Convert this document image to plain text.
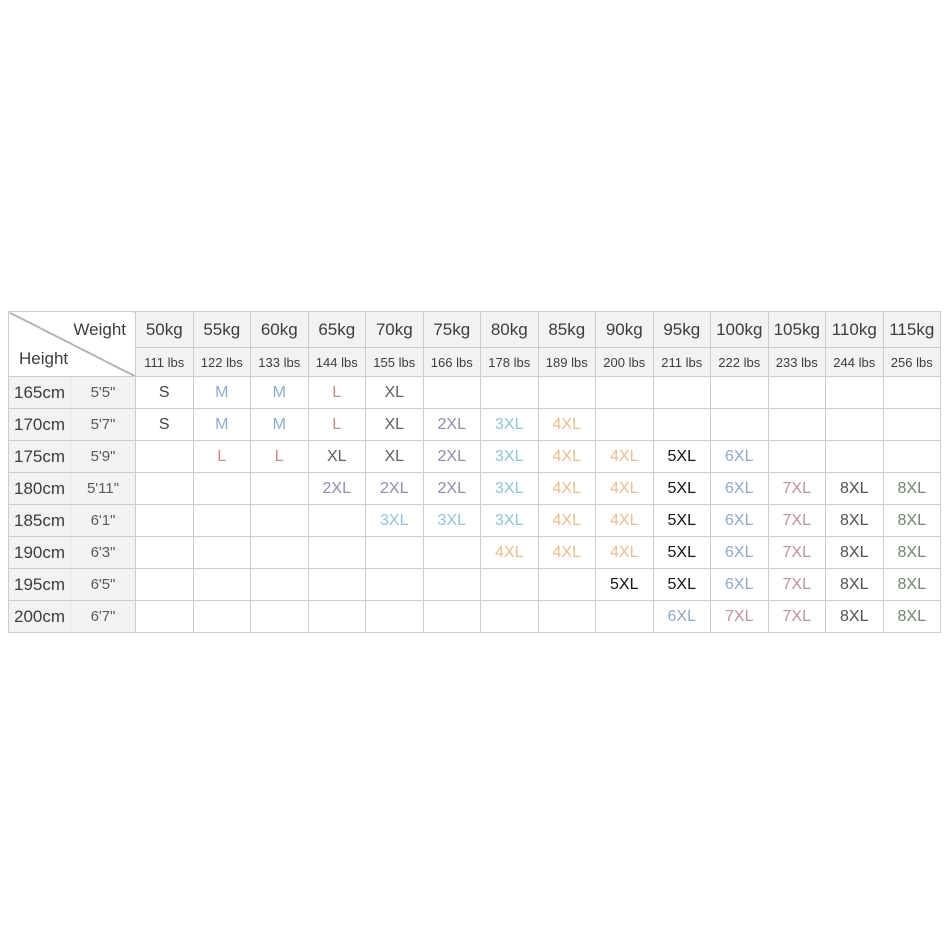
Weight
Height		50kg	55kg	60kg	65kg	70kg	75kg	80kg	85kg	90kg	95kg	100kg	105kg	110kg	115kg
		111 lbs	122 lbs	133 lbs	144 lbs	155 lbs	166 lbs	178 lbs	189 lbs	200 lbs	211 lbs	222 lbs	233 lbs	244 lbs	256 lbs
165cm	5'5"	S	M	M	L	XL									
170cm	5'7"	S	M	M	L	XL	2XL	3XL	4XL						
175cm	5'9"		L	L	XL	XL	2XL	3XL	4XL	4XL	5XL	6XL			
180cm	5'11"				2XL	2XL	2XL	3XL	4XL	4XL	5XL	6XL	7XL	8XL	8XL
185cm	6'1"					3XL	3XL	3XL	4XL	4XL	5XL	6XL	7XL	8XL	8XL
190cm	6'3"							4XL	4XL	4XL	5XL	6XL	7XL	8XL	8XL
195cm	6'5"									5XL	5XL	6XL	7XL	8XL	8XL
200cm	6'7"										6XL	7XL	7XL	8XL	8XL
